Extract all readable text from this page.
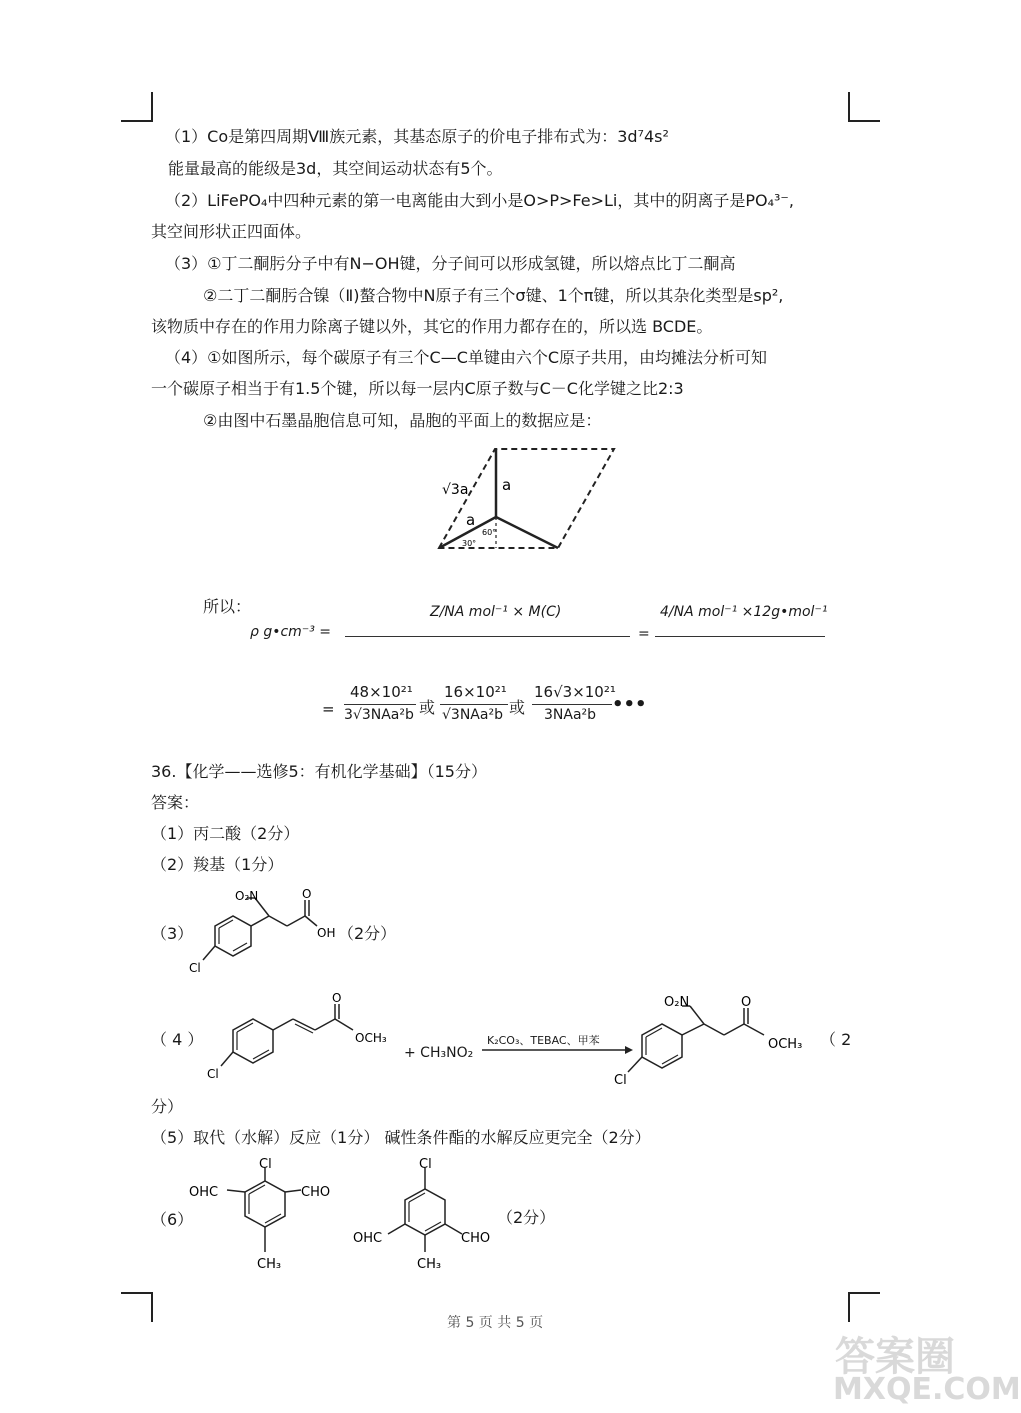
（1）Co是第四周期Ⅷ族元素，其基态原子的价电子排布式为：3d⁷4s²
能量最高的能级是3d，其空间运动状态有5个。
（2）LiFePO₄中四种元素的第一电离能由大到小是O>P>Fe>Li，其中的阴离子是PO₄³⁻,
其空间形状正四面体。
（3）①丁二酮肟分子中有N−OH键，分子间可以形成氢键，所以熔点比丁二酮高
②二丁二酮肟合镍（Ⅱ)螯合物中N原子有三个σ键、1个π键，所以其杂化类型是sp²,
该物质中存在的作用力除离子键以外，其它的作用力都存在的，所以选 BCDE。
（4）①如图所示，每个碳原子有三个C—C单键由六个C原子共用，由均摊法分析可知
一个碳原子相当于有1.5个键，所以每一层内C原子数与C－C化学键之比2:3
②由图中石墨晶胞信息可知，晶胞的平面上的数据应是：
√3a a
a
60°
30°
所以：
ρ g•cm⁻³ =
Z/NA mol⁻¹ × M(C)
=
4/NA mol⁻¹ ×12g•mol⁻¹
=
48×10²¹
3√3NAa²b 或
16×10²¹
√3NAa²b 或
16√3×10²¹
3NAa²b •••
36.【化学——选修5：有机化学基础】（15分）
答案：
（1）丙二酸（2分）
（2）羧基（1分）
（3）
O₂N	O
OH
Cl
（2分）
（ 4 ）
O
OCH₃
Cl
+ CH₃NO₂
K₂CO₃、TEBAC、甲苯
O₂N	O
OCH₃
Cl
（ 2
分）
（5）取代（水解）反应（1分） 碱性条件酯的水解反应更完全（2分）
（6）
Cl
OHC	CHO
CH₃
Cl
OHC	CHO
CH₃
（2分）
第 5 页 共 5 页
答案圈
MXQE.COM
